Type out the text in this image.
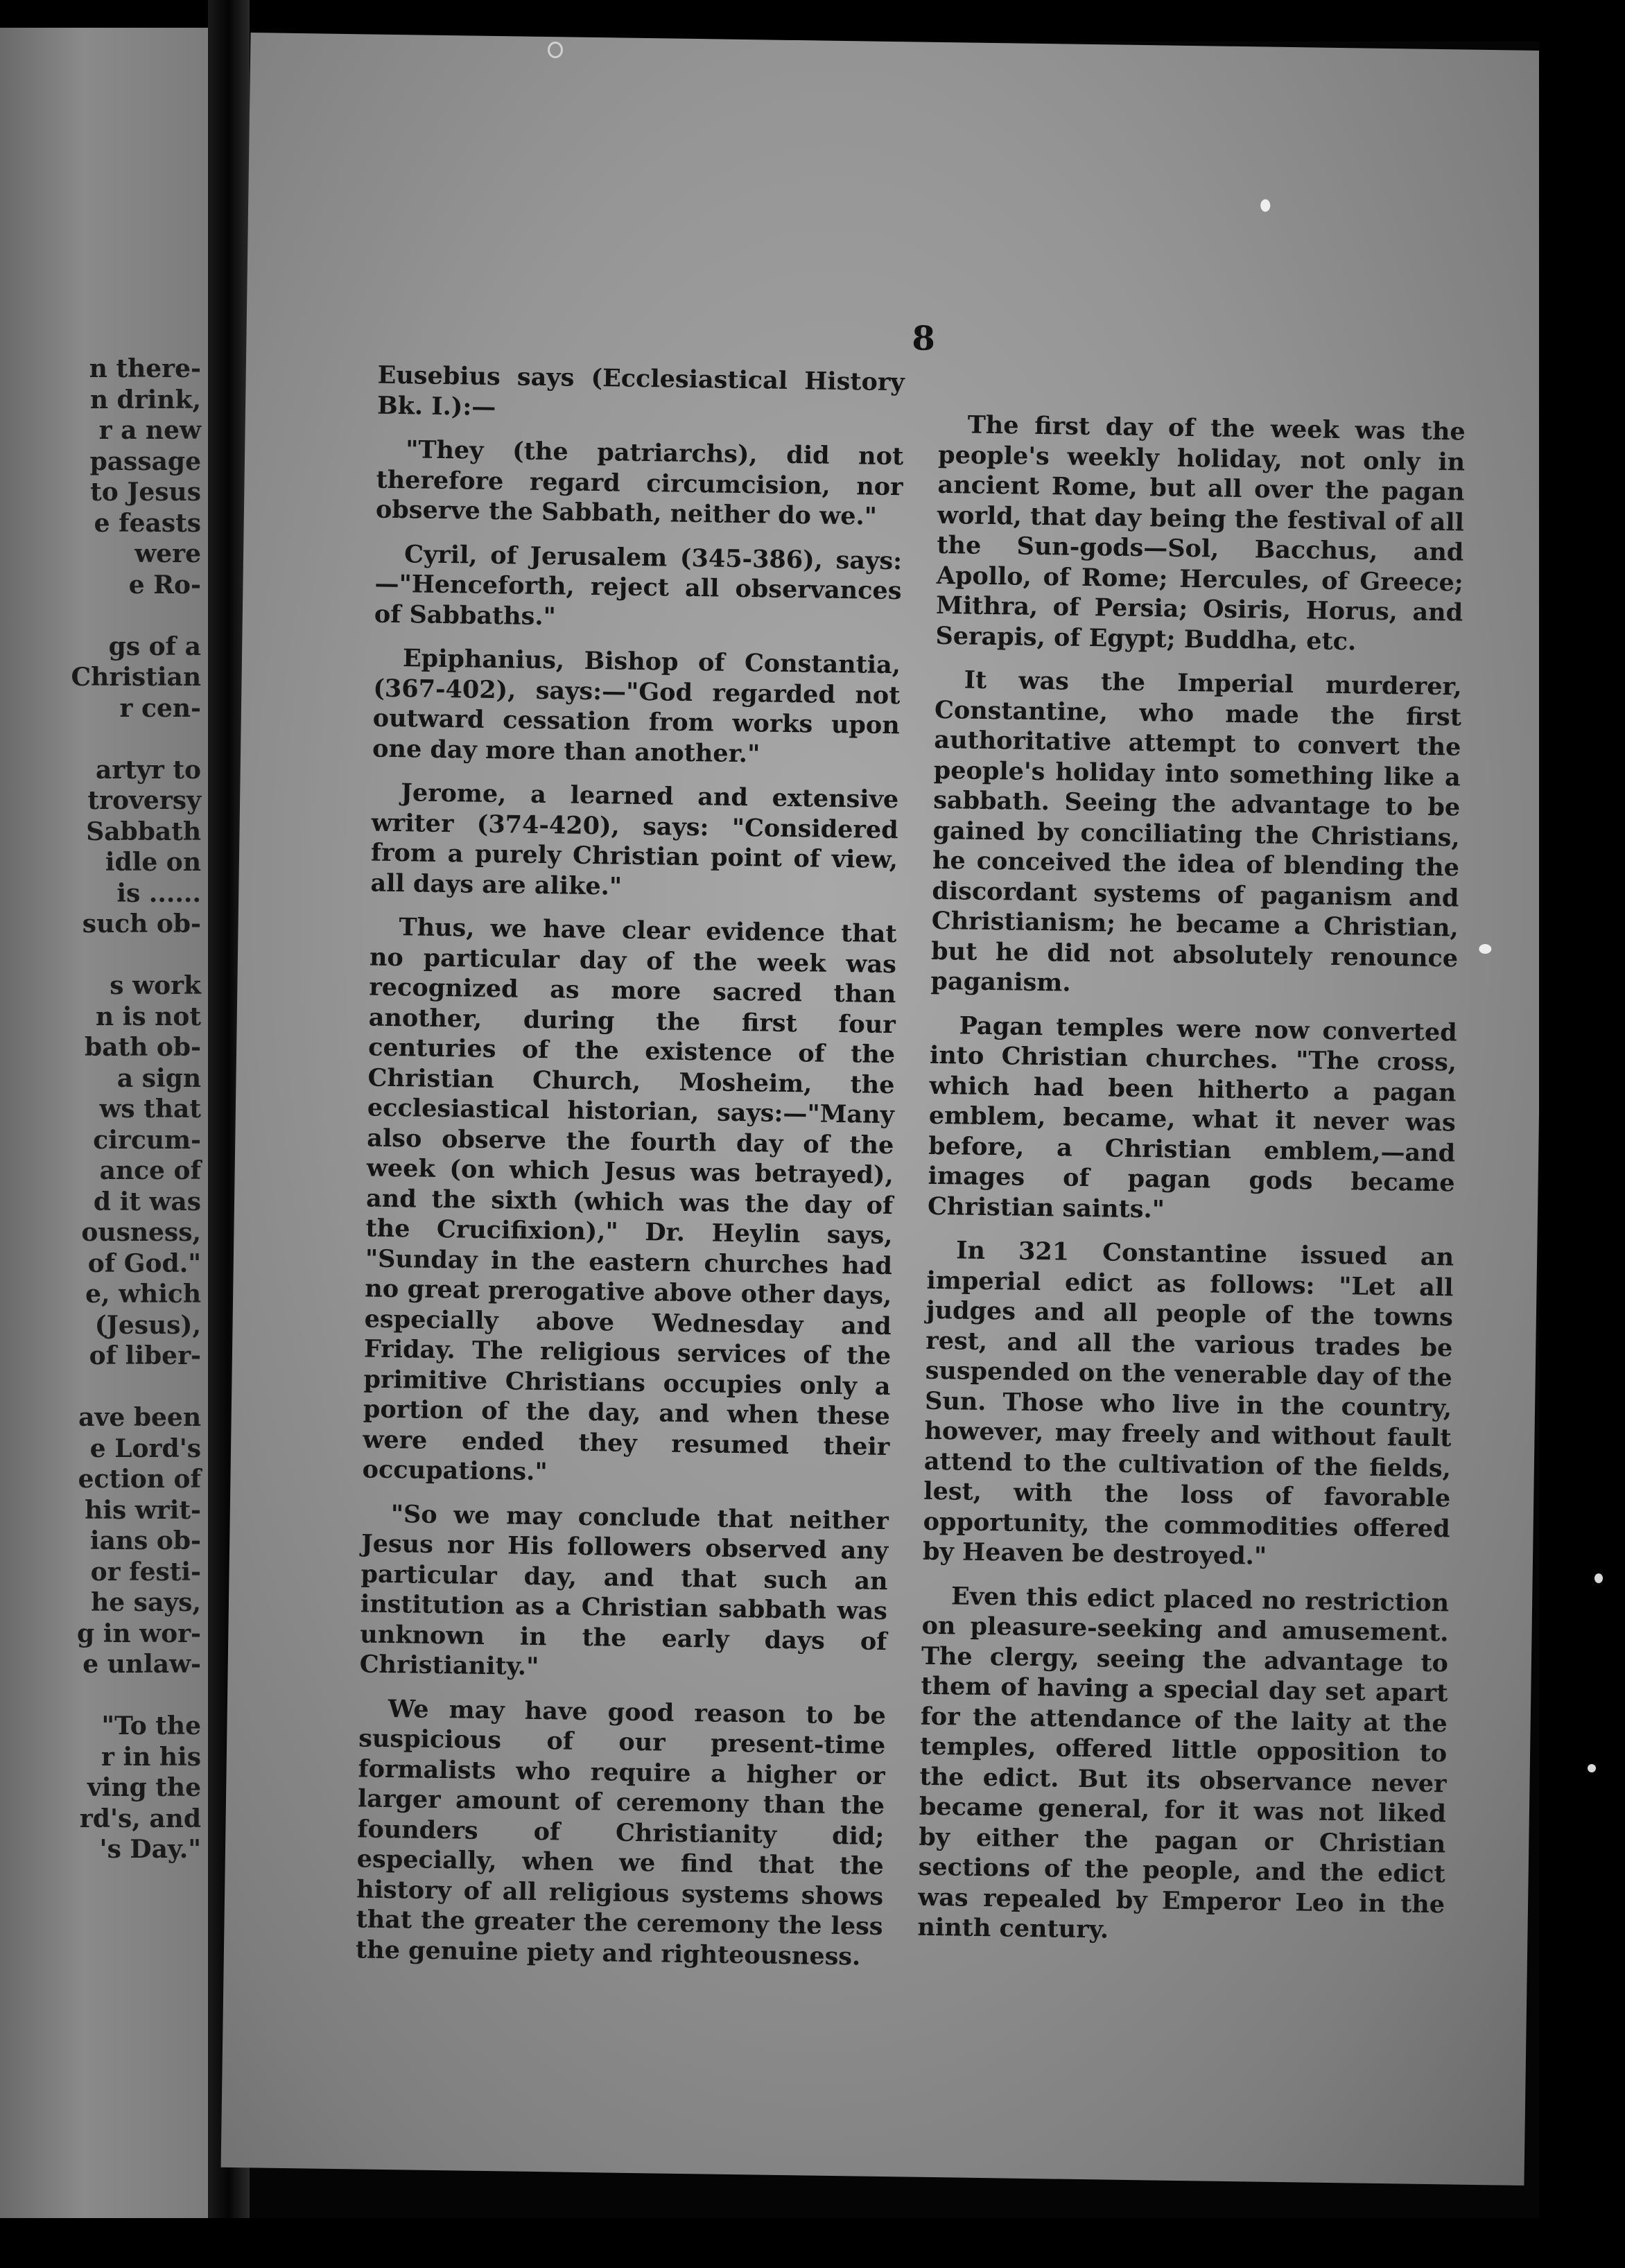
n there-
n drink,
r a new
passage
to Jesus
e feasts
were
e Ro-

gs of a
Christian
r cen-

artyr to
troversy
Sabbath
idle on
is ......
such ob-

s work
n is not
bath ob-
a sign
ws that
circum-
ance of
d it was
ousness,
of God."
e, which
(Jesus),
of liber-

ave been
e Lord's
ection of
his writ-
ians ob-
or festi-
he says,
g in wor-
e unlaw-

"To the
r in his
ving the
rd's, and
's Day."
8

Eusebius says (Ecclesiastical History Bk. I.):—

"They (the patriarchs), did not therefore regard circumcision, nor observe the Sabbath, neither do we."

Cyril, of Jerusalem (345-386), says:—"Henceforth, reject all observances of Sabbaths."

Epiphanius, Bishop of Constantia, (367-402), says:—"God regarded not outward cessation from works upon one day more than another."

Jerome, a learned and extensive writer (374-420), says: "Considered from a purely Christian point of view, all days are alike."

Thus, we have clear evidence that no particular day of the week was recognized as more sacred than another, during the first four centuries of the existence of the Christian Church, Mosheim, the ecclesiastical historian, says:—"Many also observe the fourth day of the week (on which Jesus was betrayed), and the sixth (which was the day of the Crucifixion)," Dr. Heylin says, "Sunday in the eastern churches had no great prerogative above other days, especially above Wednesday and Friday. The religious services of the primitive Christians occupies only a portion of the day, and when these were ended they resumed their occupations."

"So we may conclude that neither Jesus nor His followers observed any particular day, and that such an institution as a Christian sabbath was unknown in the early days of Christianity."

We may have good reason to be suspicious of our present-time formalists who require a higher or larger amount of ceremony than the founders of Christianity did; especially, when we find that the history of all religious systems shows that the greater the ceremony the less the genuine piety and righteousness.

The first day of the week was the people's weekly holiday, not only in ancient Rome, but all over the pagan world, that day being the festival of all the Sun-gods—Sol, Bacchus, and Apollo, of Rome; Hercules, of Greece; Mithra, of Persia; Osiris, Horus, and Serapis, of Egypt; Buddha, etc.

It was the Imperial murderer, Constantine, who made the first authoritative attempt to convert the people's holiday into something like a sabbath. Seeing the advantage to be gained by conciliating the Christians, he conceived the idea of blending the discordant systems of paganism and Christianism; he became a Christian, but he did not absolutely renounce paganism.

Pagan temples were now converted into Christian churches. "The cross, which had been hitherto a pagan emblem, became, what it never was before, a Christian emblem,—and images of pagan gods became Christian saints."

In 321 Constantine issued an imperial edict as follows: "Let all judges and all people of the towns rest, and all the various trades be suspended on the venerable day of the Sun. Those who live in the country, however, may freely and without fault attend to the cultivation of the fields, lest, with the loss of favorable opportunity, the commodities offered by Heaven be destroyed."

Even this edict placed no restriction on pleasure-seeking and amusement. The clergy, seeing the advantage to them of having a special day set apart for the attendance of the laity at the temples, offered little opposition to the edict. But its observance never became general, for it was not liked by either the pagan or Christian sections of the people, and the edict was repealed by Emperor Leo in the ninth century.
